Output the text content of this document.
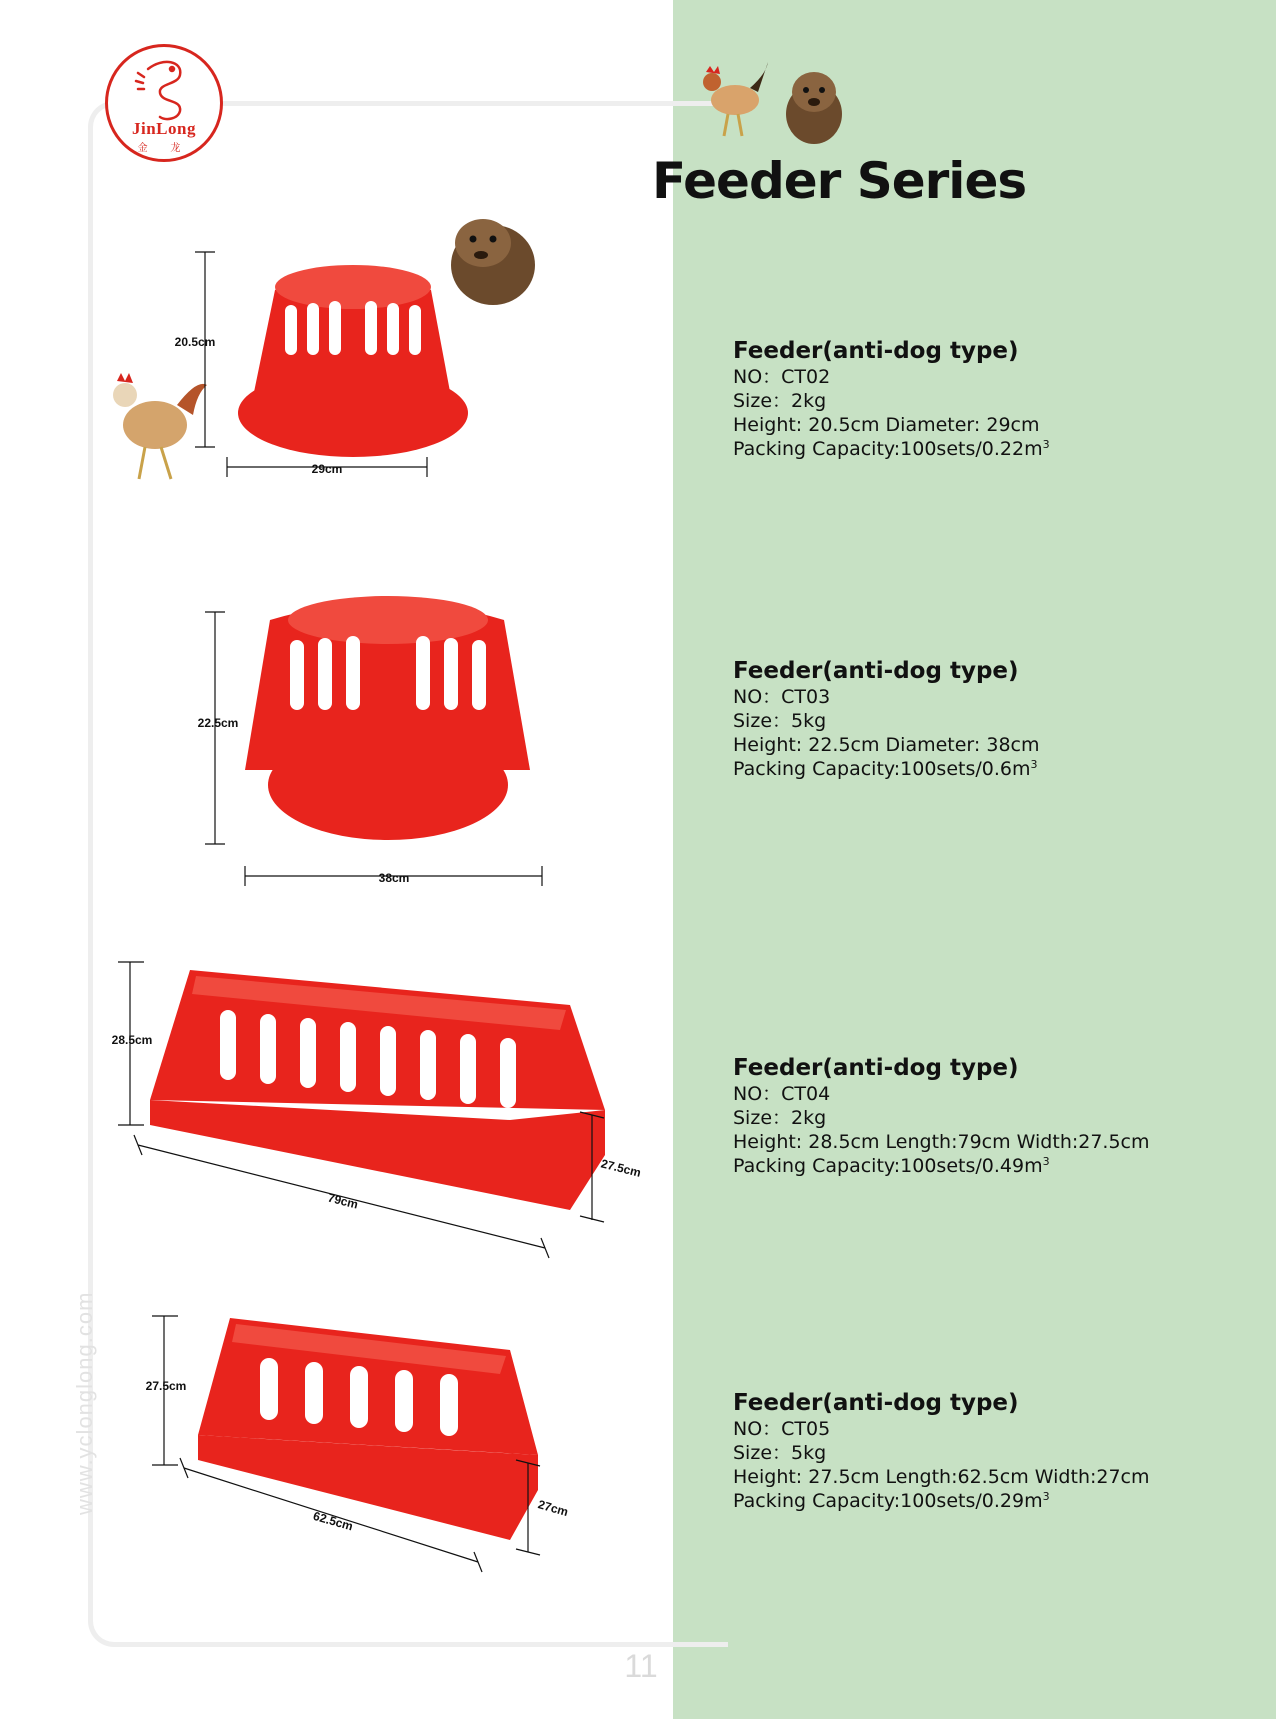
JinLong
金 龙
www.yclonglong.com
11
Feeder Series
20.5cm
29cm
Feeder(anti-dog type)
NO：CT02
Size：2kg
Height: 20.5cm Diameter: 29cm
Packing $Capacity:100sets/0.22m^3$
22.5cm
38cm
Feeder(anti-dog type)
NO：CT03
Size：5kg
Height: 22.5cm Diameter: 38cm
Packing $Capacity:100sets/0.6m^3$
28.5cm
79cm
27.5cm
Feeder(anti-dog type)
NO：CT04
Size：2kg
Height: 28.5cm Length:79cm Width:27.5cm
Packing $Capacity:100sets/0.49m^3$
27.5cm
62.5cm
27cm
Feeder(anti-dog type)
NO：CT05
Size：5kg
Height: 27.5cm Length:62.5cm Width:27cm
Packing $Capacity:100sets/0.29m^3$
